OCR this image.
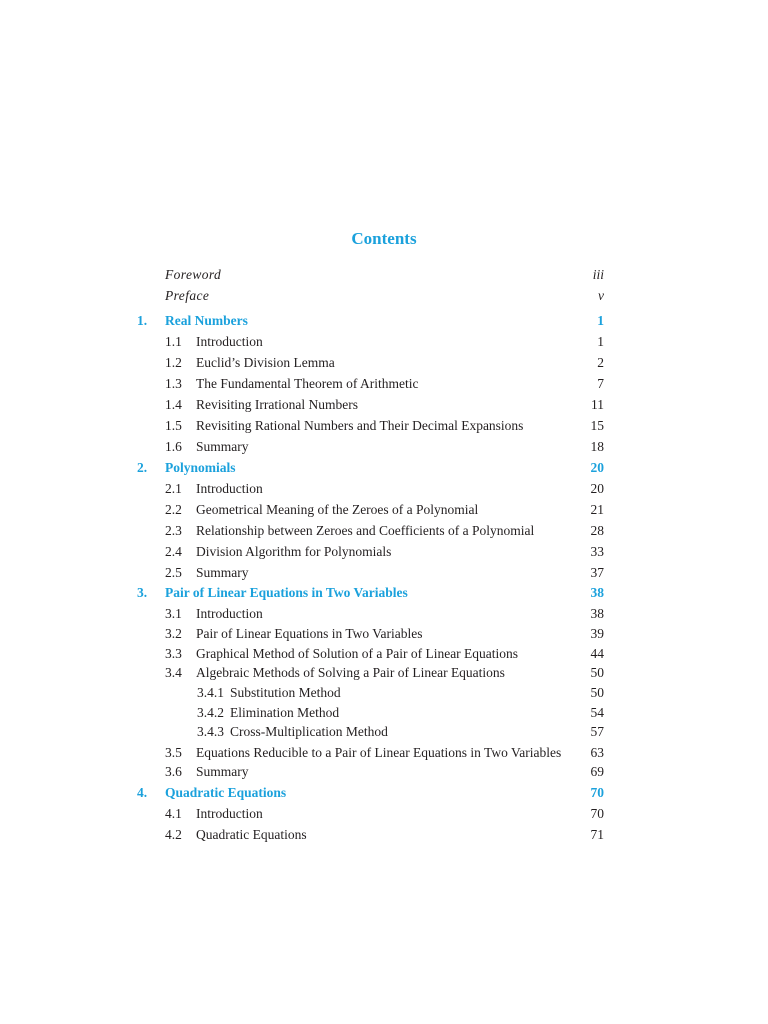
Contents
Foreword	iii
Preface	v
1. Real Numbers	1
1.1 Introduction	1
1.2 Euclid’s Division Lemma	2
1.3 The Fundamental Theorem of Arithmetic	7
1.4 Revisiting Irrational Numbers	11
1.5 Revisiting Rational Numbers and Their Decimal Expansions	15
1.6 Summary	18
2. Polynomials	20
2.1 Introduction	20
2.2 Geometrical Meaning of the Zeroes of a Polynomial	21
2.3 Relationship between Zeroes and Coefficients of a Polynomial	28
2.4 Division Algorithm for Polynomials	33
2.5 Summary	37
3. Pair of Linear Equations in Two Variables	38
3.1 Introduction	38
3.2 Pair of Linear Equations in Two Variables	39
3.3 Graphical Method of Solution of a Pair of Linear Equations	44
3.4 Algebraic Methods of Solving a Pair of Linear Equations	50
3.4.1 Substitution Method	50
3.4.2 Elimination Method	54
3.4.3 Cross-Multiplication Method	57
3.5 Equations Reducible to a Pair of Linear Equations in Two Variables 63
3.6 Summary	69
4. Quadratic Equations	70
4.1 Introduction	70
4.2 Quadratic Equations	71
